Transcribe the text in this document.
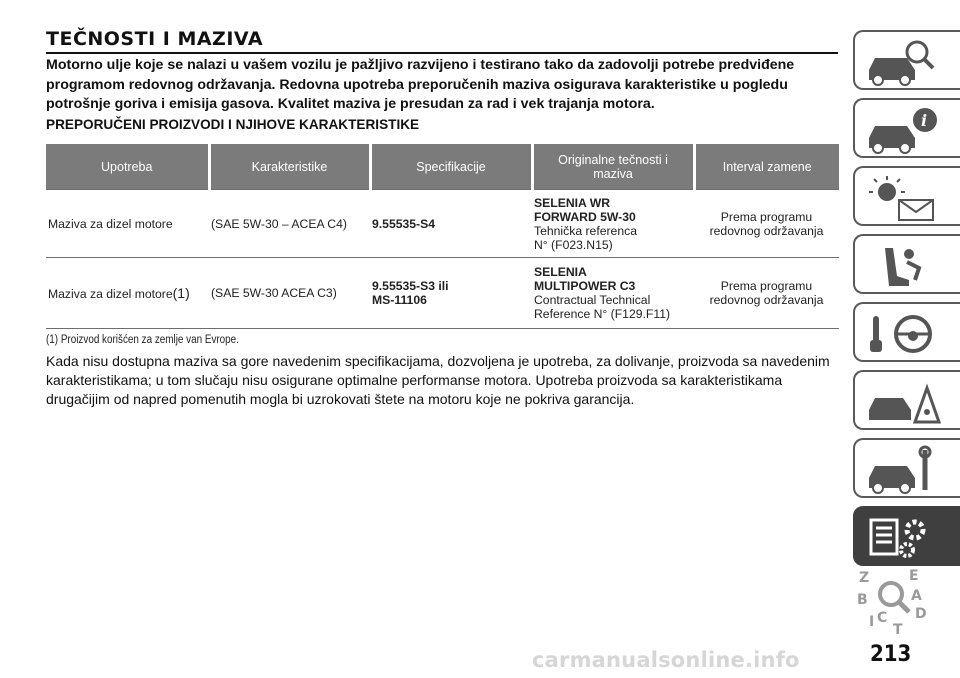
TEČNOSTI I MAZIVA
Motorno ulje koje se nalazi u vašem vozilu je pažljivo razvijeno i testirano tako da zadovolji potrebe predviđene programom redovnog održavanja. Redovna upotreba preporučenih maziva osigurava karakteristike u pogledu potrošnje goriva i emisija gasova. Kvalitet maziva je presudan za rad i vek trajanja motora.
PREPORUČENI PROIZVODI I NJIHOVE KARAKTERISTIKE
Upotreba	Karakteristike	Specifikacije	Originalne tečnosti i maziva	Interval zamene
Maziva za dizel motore	(SAE 5W-30 – ACEA C4)	9.55535-S4	SELENIA WR
FORWARD 5W-30
Tehnička referenca
N° (F023.N15)	Prema programu
redovnog održavanja
Maziva za dizel motore(1)	(SAE 5W-30 ACEA C3)	9.55535-S3 ili
MS-11106	SELENIA
MULTIPOWER C3
Contractual Technical
Reference N° (F129.F11)	Prema programu
redovnog održavanja
(1) Proizvod korišćen za zemlje van Evrope.
Kada nisu dostupna maziva sa gore navedenim specifikacijama, dozvoljena je upotreba, za dolivanje, proizvoda sa navedenim karakteristikama; u tom slučaju nisu osigurane optimalne performanse motora. Upotreba proizvoda sa karakteristikama drugačijim od napred pomenutih mogla bi uzrokovati štete na motoru koje ne pokriva garancija.
i
Z	E
B	A
C D
T
I
carmanualsonline.info	213
